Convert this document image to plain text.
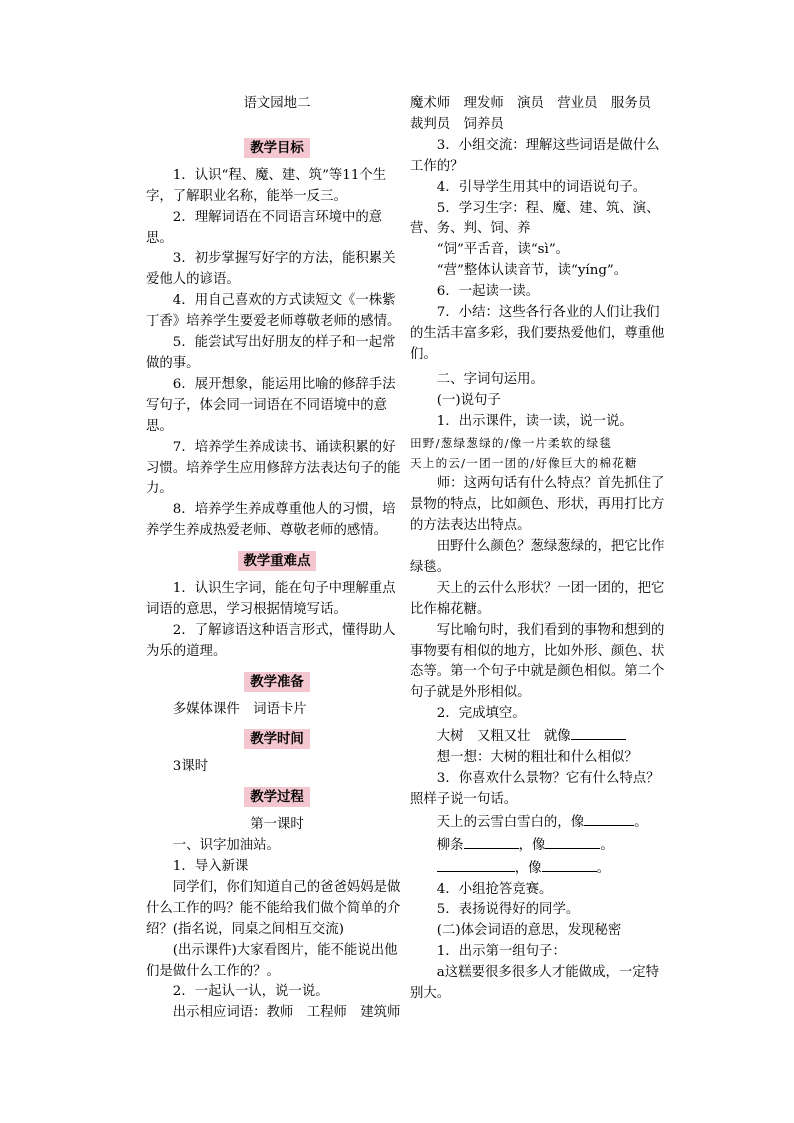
语文园地二

教学目标

1．认识“程、魔、建、筑”等11个生字，了解职业名称，能举一反三。

2．理解词语在不同语言环境中的意思。

3．初步掌握写好字的方法，能积累关爱他人的谚语。

4．用自己喜欢的方式读短文《一株紫丁香》培养学生要爱老师尊敬老师的感情。

5．能尝试写出好朋友的样子和一起常做的事。

6．展开想象，能运用比喻的修辞手法写句子，体会同一词语在不同语境中的意思。

7．培养学生养成读书、诵读积累的好习惯。培养学生应用修辞方法表达句子的能力。

8．培养学生养成尊重他人的习惯，培养学生养成热爱老师、尊敬老师的感情。

教学重难点

1．认识生字词，能在句子中理解重点词语的意思，学习根据情境写话。

2．了解谚语这种语言形式，懂得助人为乐的道理。

教学准备

多媒体课件　词语卡片

教学时间

3课时

教学过程

第一课时

一、识字加油站。

1．导入新课

同学们，你们知道自己的爸爸妈妈是做什么工作的吗？能不能给我们做个简单的介绍？(指名说，同桌之间相互交流)

(出示课件)大家看图片，能不能说出他们是做什么工作的？。

2．一起认一认，说一说。

出示相应词语：教师　工程师　建筑师

魔术师　理发师　演员　营业员　服务员　裁判员　饲养员

3．小组交流：理解这些词语是做什么工作的？

4．引导学生用其中的词语说句子。

5．学习生字：程、魔、建、筑、演、营、务、判、饲、养

“饲”平舌音，读“sì”。

“营”整体认读音节，读“yíng”。

6．一起读一读。

7．小结：这些各行各业的人们让我们的生活丰富多彩，我们要热爱他们，尊重他们。

二、字词句运用。

(一)说句子

1．出示课件，读一读，说一说。

田野/葱绿葱绿的/像一片柔软的绿毯

天上的云/一团一团的/好像巨大的棉花糖

师：这两句话有什么特点？首先抓住了景物的特点，比如颜色、形状，再用打比方的方法表达出特点。

田野什么颜色？葱绿葱绿的，把它比作绿毯。

天上的云什么形状？一团一团的，把它比作棉花糖。

写比喻句时，我们看到的事物和想到的事物要有相似的地方，比如外形、颜色、状态等。第一个句子中就是颜色相似。第二个句子就是外形相似。

2．完成填空。

大树　又粗又壮　就像

想一想：大树的粗壮和什么相似？

3．你喜欢什么景物？它有什么特点？照样子说一句话。

天上的云雪白雪白的，像	。

柳条	，像	。

，像	。

4．小组抢答竞赛。

5．表扬说得好的同学。

(二)体会词语的意思，发现秘密

1．出示第一组句子：

a这糕要很多很多人才能做成，一定特别大。
